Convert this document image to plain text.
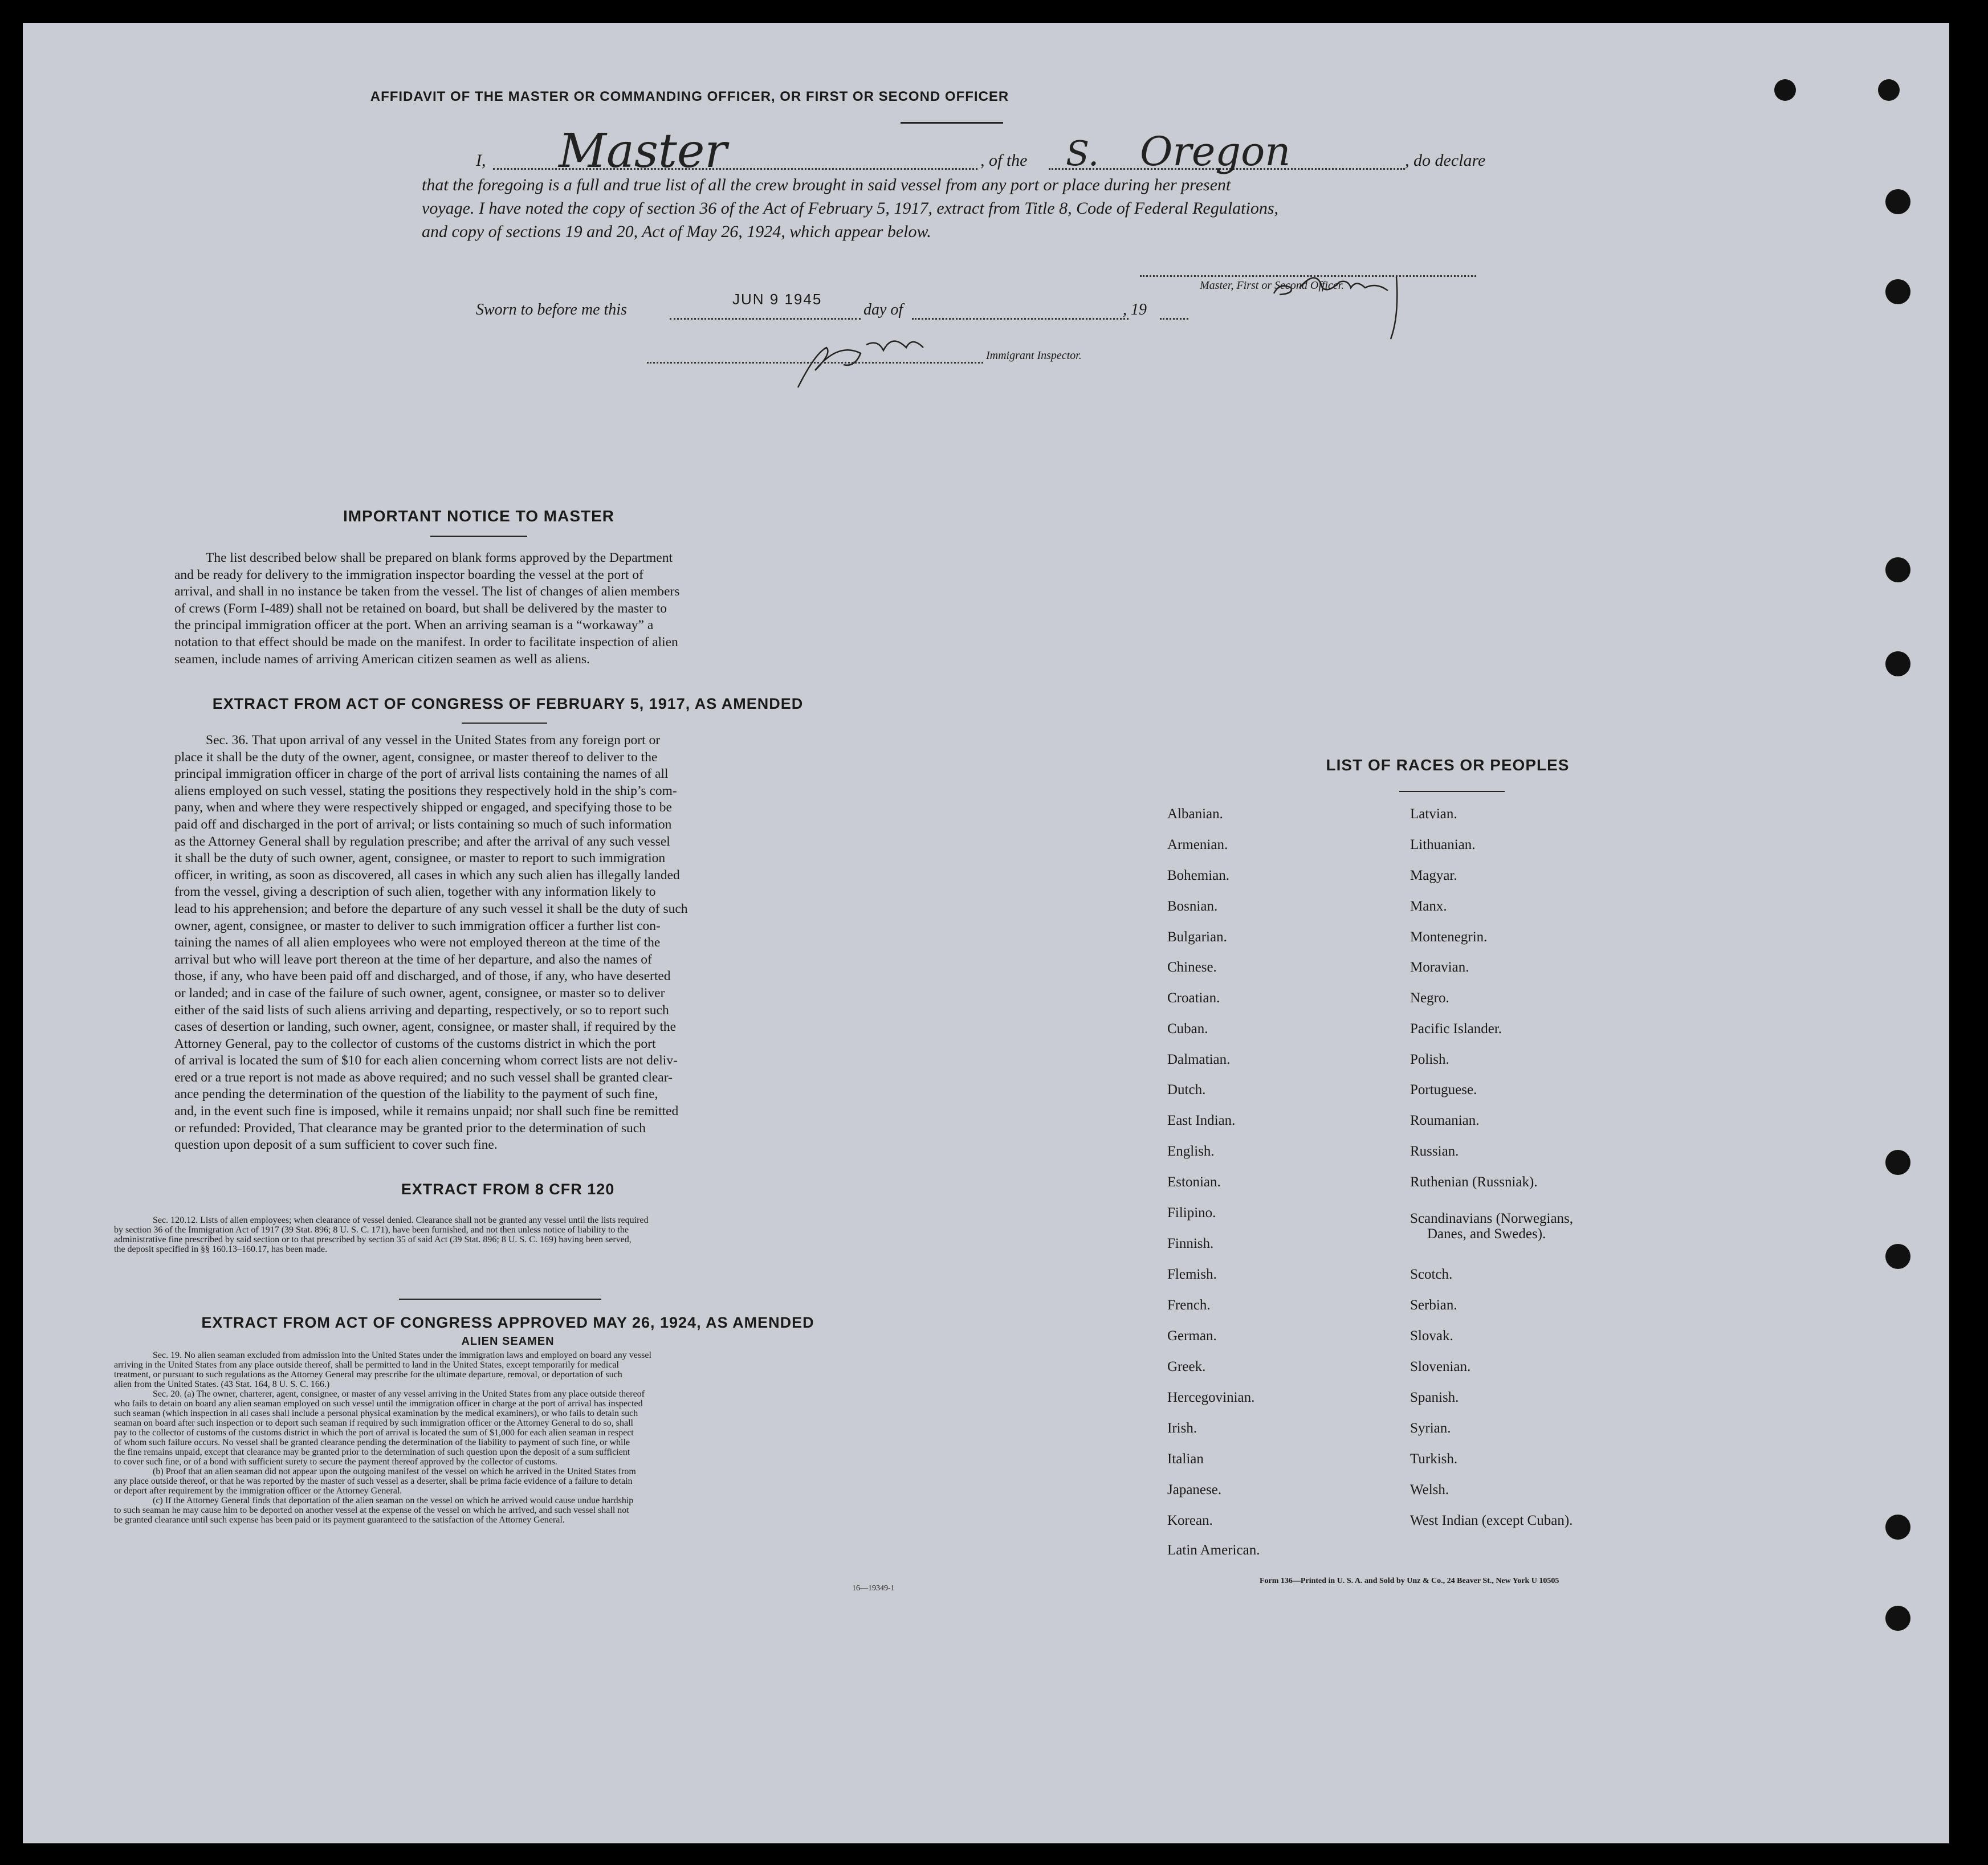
AFFIDAVIT OF THE MASTER OR COMMANDING OFFICER, OR FIRST OR SECOND OFFICER
I, Master	, of the S. Oregon	, do declare
that the foregoing is a full and true list of all the crew brought in said vessel from any port or place during her present
voyage. I have noted the copy of section 36 of the Act of February 5, 1917, extract from Title 8, Code of Federal Regulations,
and copy of sections 19 and 20, Act of May 26, 1924, which appear below.
Master, First or Second Officer.
Sworn to before me this
JUN 9 1945
day of	, 19
Immigrant Inspector.
IMPORTANT NOTICE TO MASTER
The list described below shall be prepared on blank forms approved by the Department
and be ready for delivery to the immigration inspector boarding the vessel at the port of
arrival, and shall in no instance be taken from the vessel. The list of changes of alien members
of crews (Form I-489) shall not be retained on board, but shall be delivered by the master to
the principal immigration officer at the port. When an arriving seaman is a “workaway” a
notation to that effect should be made on the manifest. In order to facilitate inspection of alien
seamen, include names of arriving American citizen seamen as well as aliens.
EXTRACT FROM ACT OF CONGRESS OF FEBRUARY 5, 1917, AS AMENDED
Sec. 36. That upon arrival of any vessel in the United States from any foreign port or
place it shall be the duty of the owner, agent, consignee, or master thereof to deliver to the
principal immigration officer in charge of the port of arrival lists containing the names of all
aliens employed on such vessel, stating the positions they respectively hold in the ship’s com-
pany, when and where they were respectively shipped or engaged, and specifying those to be
paid off and discharged in the port of arrival; or lists containing so much of such information
as the Attorney General shall by regulation prescribe; and after the arrival of any such vessel
it shall be the duty of such owner, agent, consignee, or master to report to such immigration
officer, in writing, as soon as discovered, all cases in which any such alien has illegally landed
from the vessel, giving a description of such alien, together with any information likely to
lead to his apprehension; and before the departure of any such vessel it shall be the duty of such
owner, agent, consignee, or master to deliver to such immigration officer a further list con-
taining the names of all alien employees who were not employed thereon at the time of the
arrival but who will leave port thereon at the time of her departure, and also the names of
those, if any, who have been paid off and discharged, and of those, if any, who have deserted
or landed; and in case of the failure of such owner, agent, consignee, or master so to deliver
either of the said lists of such aliens arriving and departing, respectively, or so to report such
cases of desertion or landing, such owner, agent, consignee, or master shall, if required by the
Attorney General, pay to the collector of customs of the customs district in which the port
of arrival is located the sum of $10 for each alien concerning whom correct lists are not deliv-
ered or a true report is not made as above required; and no such vessel shall be granted clear-
ance pending the determination of the question of the liability to the payment of such fine,
and, in the event such fine is imposed, while it remains unpaid; nor shall such fine be remitted
or refunded: Provided, That clearance may be granted prior to the determination of such
question upon deposit of a sum sufficient to cover such fine.
EXTRACT FROM 8 CFR 120
Sec. 120.12. Lists of alien employees; when clearance of vessel denied. Clearance shall not be granted any vessel until the lists required
by section 36 of the Immigration Act of 1917 (39 Stat. 896; 8 U. S. C. 171), have been furnished, and not then unless notice of liability to the
administrative fine prescribed by said section or to that prescribed by section 35 of said Act (39 Stat. 896; 8 U. S. C. 169) having been served,
the deposit specified in §§ 160.13–160.17, has been made.
EXTRACT FROM ACT OF CONGRESS APPROVED MAY 26, 1924, AS AMENDED
ALIEN SEAMEN
Sec. 19. No alien seaman excluded from admission into the United States under the immigration laws and employed on board any vessel
arriving in the United States from any place outside thereof, shall be permitted to land in the United States, except temporarily for medical
treatment, or pursuant to such regulations as the Attorney General may prescribe for the ultimate departure, removal, or deportation of such
alien from the United States. (43 Stat. 164, 8 U. S. C. 166.)
Sec. 20. (a) The owner, charterer, agent, consignee, or master of any vessel arriving in the United States from any place outside thereof
who fails to detain on board any alien seaman employed on such vessel until the immigration officer in charge at the port of arrival has inspected
such seaman (which inspection in all cases shall include a personal physical examination by the medical examiners), or who fails to detain such
seaman on board after such inspection or to deport such seaman if required by such immigration officer or the Attorney General to do so, shall
pay to the collector of customs of the customs district in which the port of arrival is located the sum of $1,000 for each alien seaman in respect
of whom such failure occurs. No vessel shall be granted clearance pending the determination of the liability to payment of such fine, or while
the fine remains unpaid, except that clearance may be granted prior to the determination of such question upon the deposit of a sum sufficient
to cover such fine, or of a bond with sufficient surety to secure the payment thereof approved by the collector of customs.
(b) Proof that an alien seaman did not appear upon the outgoing manifest of the vessel on which he arrived in the United States from
any place outside thereof, or that he was reported by the master of such vessel as a deserter, shall be prima facie evidence of a failure to detain
or deport after requirement by the immigration officer or the Attorney General.
(c) If the Attorney General finds that deportation of the alien seaman on the vessel on which he arrived would cause undue hardship
to such seaman he may cause him to be deported on another vessel at the expense of the vessel on which he arrived, and such vessel shall not
be granted clearance until such expense has been paid or its payment guaranteed to the satisfaction of the Attorney General.
16—19349-1
LIST OF RACES OR PEOPLES
Albanian.
Armenian.
Bohemian.
Bosnian.
Bulgarian.
Chinese.
Croatian.
Cuban.
Dalmatian.
Dutch.
East Indian.
English.
Estonian.
Filipino.
Finnish.
Flemish.
French.
German.
Greek.
Hercegovinian.
Irish.
Italian
Japanese.
Korean.
Latin American.
Latvian.
Lithuanian.
Magyar.
Manx.
Montenegrin.
Moravian.
Negro.
Pacific Islander.
Polish.
Portuguese.
Roumanian.
Russian.
Ruthenian (Russniak).
Scandinavians (Norwegians,
Danes, and Swedes).
Scotch.
Serbian.
Slovak.
Slovenian.
Spanish.
Syrian.
Turkish.
Welsh.
West Indian (except Cuban).
Form 136—Printed in U. S. A. and Sold by Unz & Co., 24 Beaver St., New York U 10505
